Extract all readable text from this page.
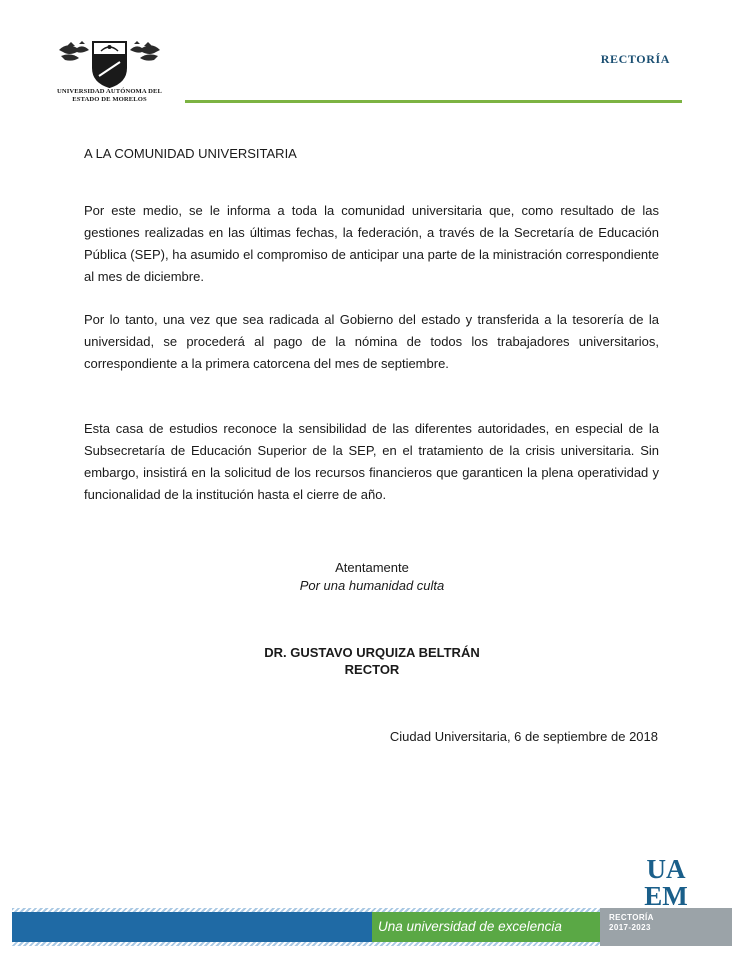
UNIVERSIDAD AUTÓNOMA DEL
ESTADO DE MORELOS
RECTORÍA
A LA COMUNIDAD UNIVERSITARIA

Por este medio, se le informa a toda la comunidad universitaria que, como resultado de las gestiones realizadas en las últimas fechas, la federación, a través de la Secretaría de Educación Pública (SEP), ha asumido el compromiso de anticipar una parte de la ministración correspondiente al mes de diciembre.

Por lo tanto, una vez que sea radicada al Gobierno del estado y transferida a la tesorería de la universidad, se procederá al pago de la nómina de todos los trabajadores universitarios, correspondiente a la primera catorcena del mes de septiembre.

Esta casa de estudios reconoce la sensibilidad de las diferentes autoridades, en especial de la Subsecretaría de Educación Superior de la SEP, en el tratamiento de la crisis universitaria. Sin embargo, insistirá en la solicitud de los recursos financieros que garanticen la plena operatividad y funcionalidad de la institución hasta el cierre de año.

Atentamente
Por una humanidad culta
DR. GUSTAVO URQUIZA BELTRÁN
RECTOR
Ciudad Universitaria, 6 de septiembre de 2018
UA
EM
Una universidad de excelencia
RECTORÍA
2017-2023
